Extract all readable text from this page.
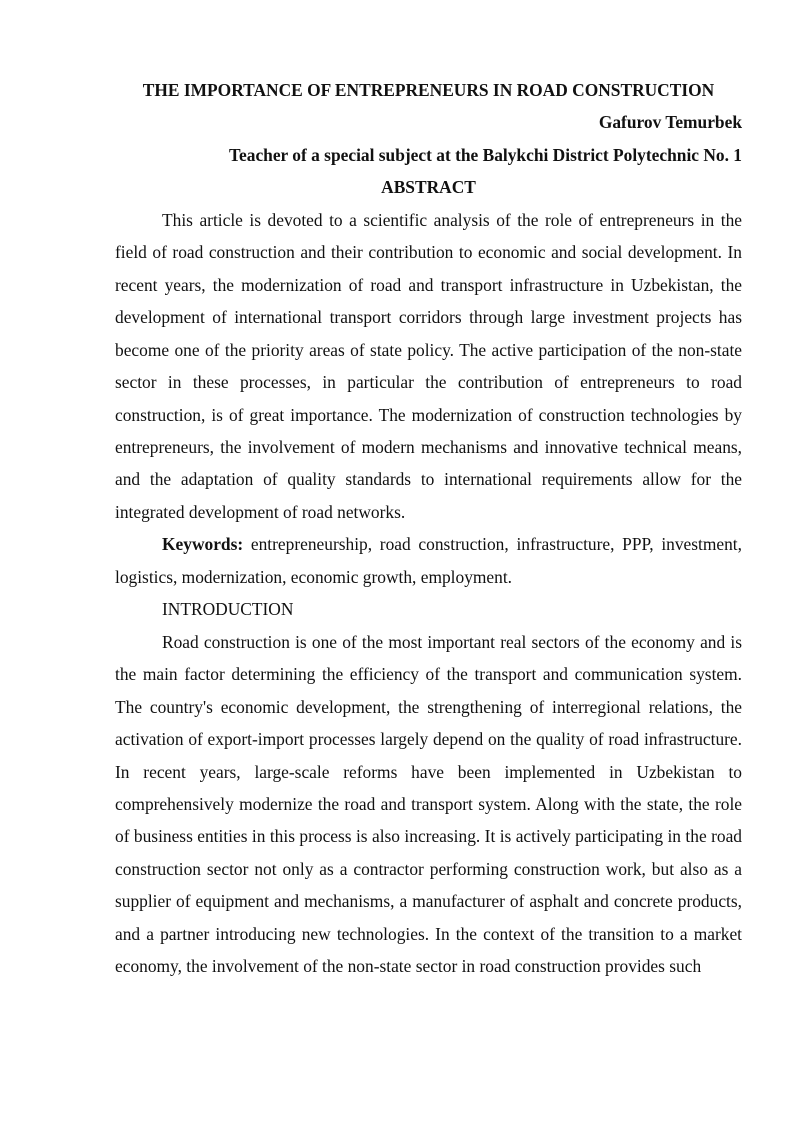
THE IMPORTANCE OF ENTREPRENEURS IN ROAD CONSTRUCTION

Gafurov Temurbek

Teacher of a special subject at the Balykchi District Polytechnic No. 1

ABSTRACT

This article is devoted to a scientific analysis of the role of entrepreneurs in the field of road construction and their contribution to economic and social development. In recent years, the modernization of road and transport infrastructure in Uzbekistan, the development of international transport corridors through large investment projects has become one of the priority areas of state policy. The active participation of the non-state sector in these processes, in particular the contribution of entrepreneurs to road construction, is of great importance. The modernization of construction technologies by entrepreneurs, the involvement of modern mechanisms and innovative technical means, and the adaptation of quality standards to international requirements allow for the integrated development of road networks.

Keywords: entrepreneurship, road construction, infrastructure, PPP, investment, logistics, modernization, economic growth, employment.

INTRODUCTION

Road construction is one of the most important real sectors of the economy and is the main factor determining the efficiency of the transport and communication system. The country's economic development, the strengthening of interregional relations, the activation of export-import processes largely depend on the quality of road infrastructure. In recent years, large-scale reforms have been implemented in Uzbekistan to comprehensively modernize the road and transport system. Along with the state, the role of business entities in this process is also increasing. It is actively participating in the road construction sector not only as a contractor performing construction work, but also as a supplier of equipment and mechanisms, a manufacturer of asphalt and concrete products, and a partner introducing new technologies. In the context of the transition to a market economy, the involvement of the non-state sector in road construction provides such
